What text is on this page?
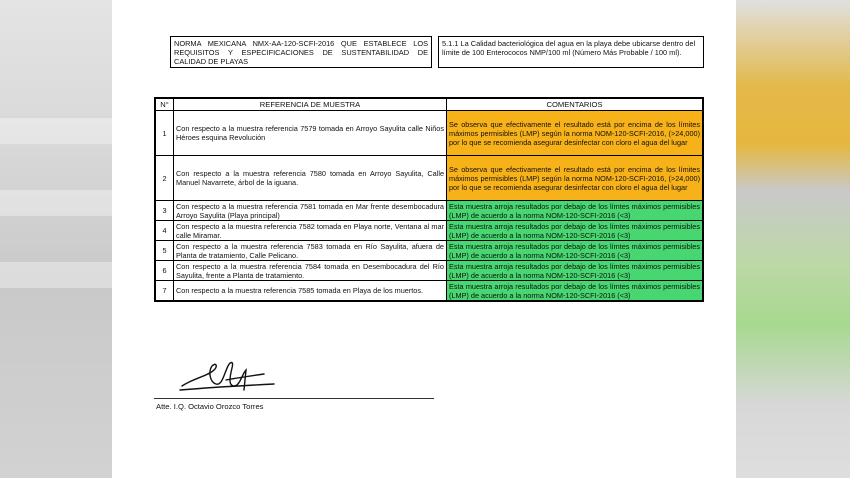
NORMA MEXICANA NMX-AA-120-SCFI-2016 QUE ESTABLECE LOS REQUISITOS Y ESPECIFICACIONES DE SUSTENTABILIDAD DE CALIDAD DE PLAYAS
5.1.1 La Calidad bacteriológica del agua en la playa debe ubicarse dentro del límite de 100 Enterococos NMP/100 ml (Número Más Probable / 100 ml).
N°	REFERENCIA DE MUESTRA	COMENTARIOS
1	Con respecto a la muestra referencia 7579 tomada en Arroyo Sayulita calle Niños Héroes esquina Revolución	Se observa que efectivamente el resultado está por encima de los límites máximos permisibles (LMP) según la norma NOM-120-SCFI-2016, (>24,000) por lo que se recomienda asegurar desinfectar con cloro el agua del lugar
2	Con respecto a la muestra referencia 7580 tomada en Arroyo Sayulita, Calle Manuel Navarrete, árbol de la iguana.	Se observa que efectivamente el resultado está por encima de los límites máximos permisibles (LMP) según la norma NOM-120-SCFI-2016, (>24,000) por lo que se recomienda asegurar desinfectar con cloro el agua del lugar
3	Con respecto a la muestra referencia 7581 tomada en Mar frente desembocadura Arroyo Sayulita (Playa principal)	Esta muestra arroja resultados por debajo de los límtes máximos permisibles (LMP) de acuerdo a la norma NOM-120-SCFI-2016 (<3)
4	Con respecto a la muestra referencia 7582 tomada en Playa norte, Ventana al mar calle Miramar.	Esta muestra arroja resultados por debajo de los límtes máximos permisibles (LMP) de acuerdo a la norma NOM-120-SCFI-2016 (<3)
5	Con respecto a la muestra referencia 7583 tomada en Río Sayulita, afuera de Planta de tratamiento, Calle Pelicano.	Esta muestra arroja resultados por debajo de los límtes máximos permisibles (LMP) de acuerdo a la norma NOM-120-SCFI-2016 (<3)
6	Con respecto a la muestra referencia 7584 tomada en Desembocadura del Río Sayulita, frente a Planta de tratamiento.	Esta muestra arroja resultados por debajo de los límtes máximos permisibles (LMP) de acuerdo a la norma NOM-120-SCFI-2016 (<3)
7	Con respecto a la muestra referencia 7585 tomada en Playa de los muertos.	Esta muestra arroja resultados por debajo de los límtes máximos permisibles (LMP) de acuerdo a la norma NOM-120-SCFI-2016 (<3)
Atte. I.Q. Octavio Orozco Torres
